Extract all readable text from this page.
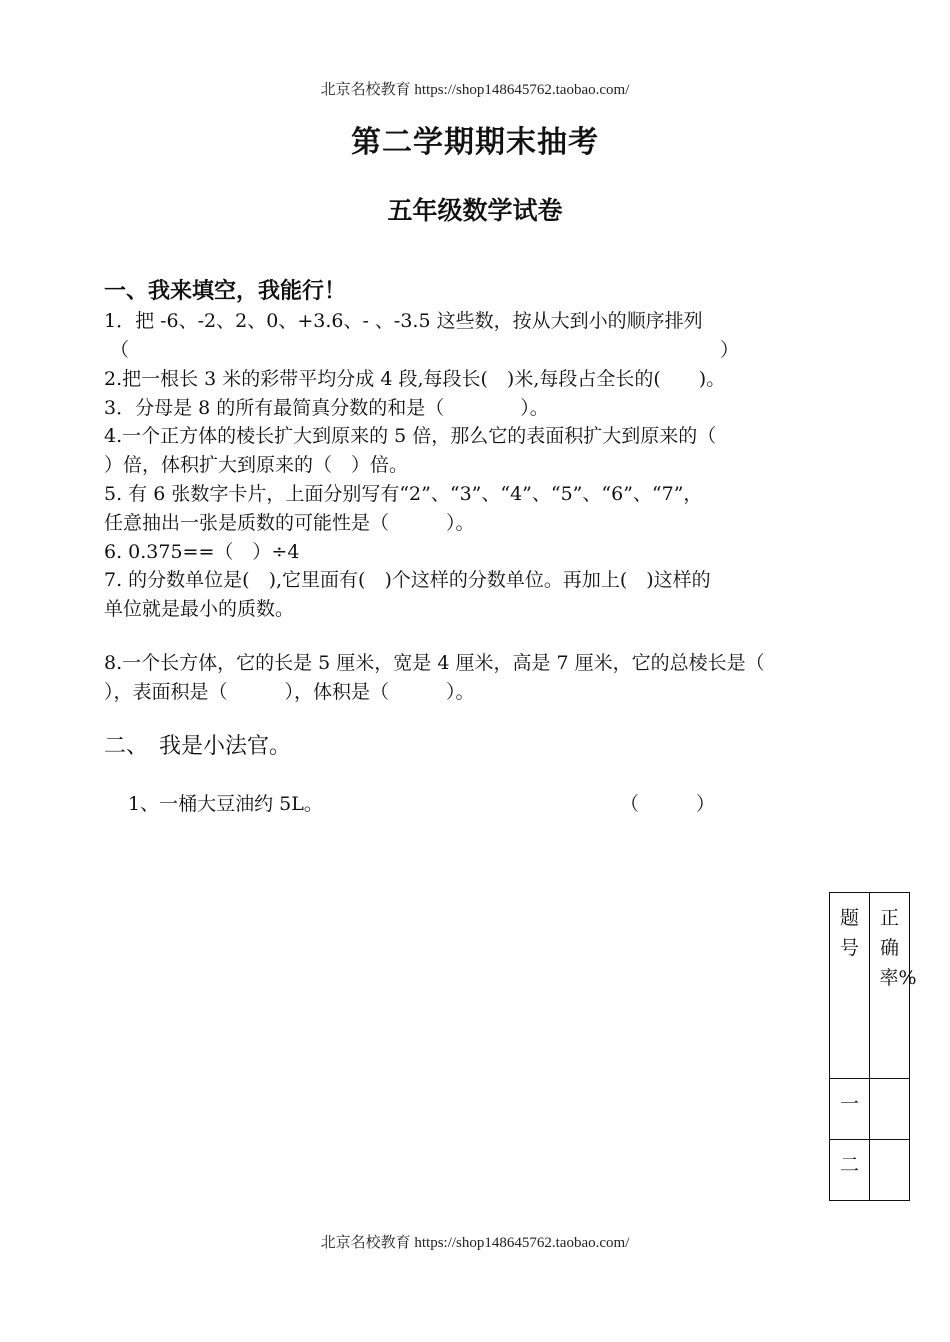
北京名校教育 https://shop148645762.taobao.com/
第二学期期末抽考
五年级数学试卷
一、我来填空，我能行！
1．把 -6、-2、2、0、+3.6、- 、-3.5 这些数，按从大到小的顺序排列
（	）
2.把一根长 3 米的彩带平均分成 4 段,每段长(　)米,每段占全长的(　　)。
3．分母是 8 的所有最简真分数的和是（　　　　）。
4.一个正方体的棱长扩大到原来的 5 倍，那么它的表面积扩大到原来的（
）倍，体积扩大到原来的（　）倍。
5. 有 6 张数字卡片，上面分别写有“2”、“3”、“4”、“5”、“6”、“7”，
任意抽出一张是质数的可能性是（　　　）。
6. 0.375==（　）÷4
7. 的分数单位是(　),它里面有(　)个这样的分数单位。再加上(　)这样的
单位就是最小的质数。
8.一个长方体，它的长是 5 厘米，宽是 4 厘米，高是 7 厘米，它的总棱长是（
），表面积是（　　　），体积是（　　　）。
二、　我是小法官。
1、一桶大豆油约 5L。	（　　　）
题号	正确率%
一	
二	
北京名校教育 https://shop148645762.taobao.com/
